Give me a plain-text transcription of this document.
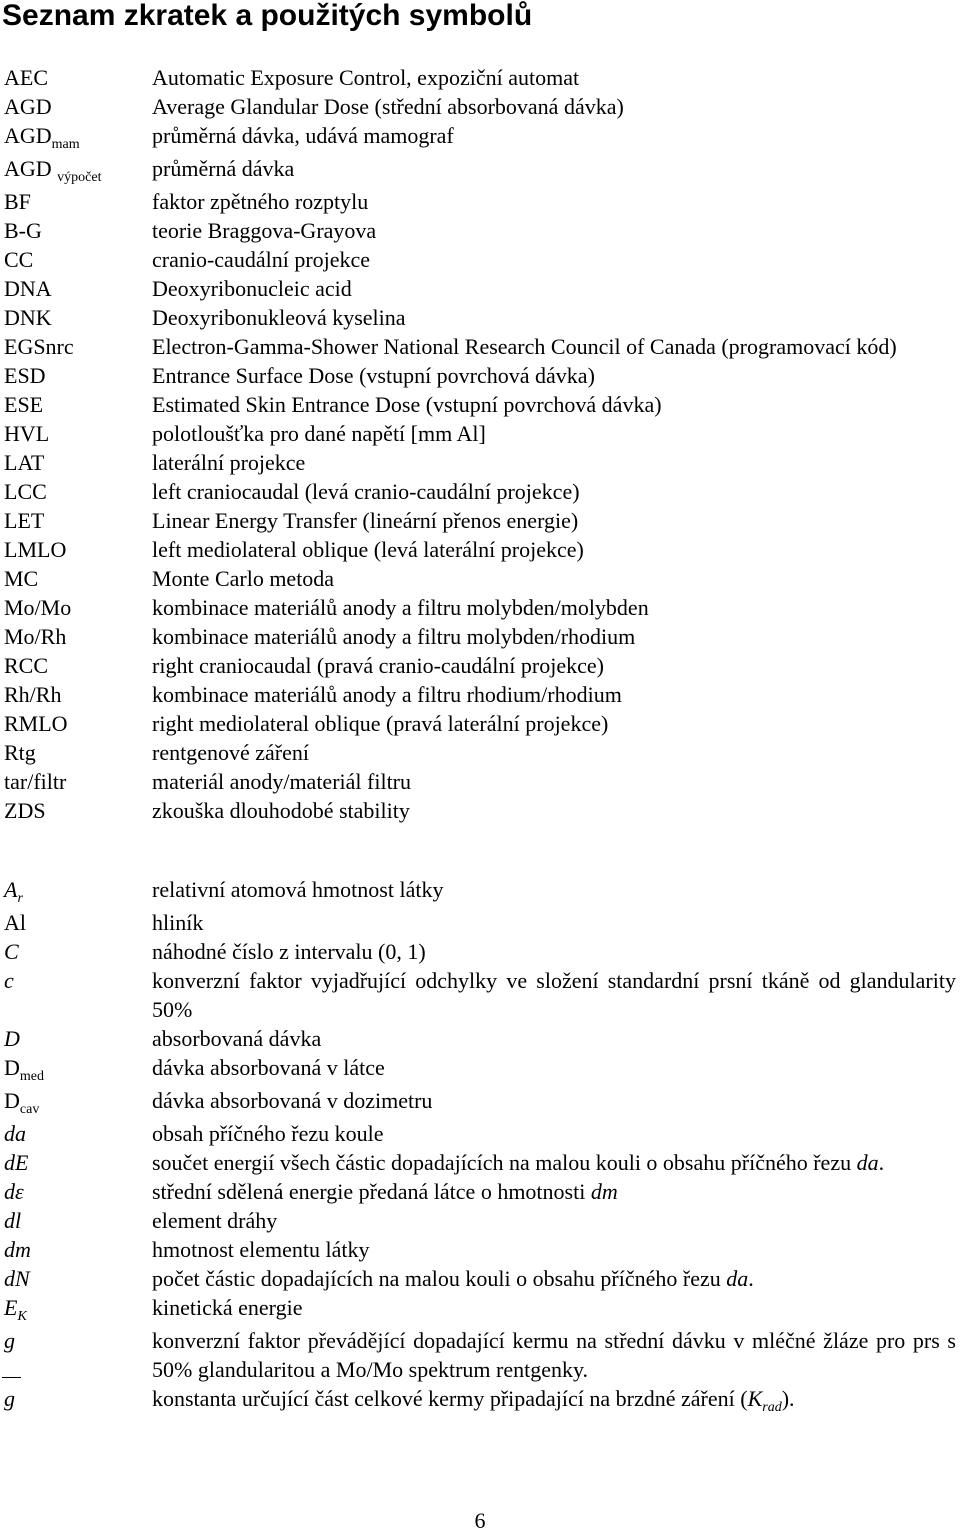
Seznam zkratek a použitých symbolů
AEC	Automatic Exposure Control, expoziční automat
AGD	Average Glandular Dose (střední absorbovaná dávka)
$AGD_{mam}$	průměrná dávka, udává mamograf
AGD $_{výpočet}$	průměrná dávka
BF	faktor zpětného rozptylu
B-G	teorie Braggova-Grayova
CC	cranio-caudální projekce
DNA	Deoxyribonucleic acid
DNK	Deoxyribonukleová kyselina
EGSnrc	Electron-Gamma-Shower National Research Council of Canada (programovací kód)
ESD	Entrance Surface Dose (vstupní povrchová dávka)
ESE	Estimated Skin Entrance Dose (vstupní povrchová dávka)
HVL	polotloušťka pro dané napětí [mm Al]
LAT	laterální projekce
LCC	left craniocaudal (levá cranio-caudální projekce)
LET	Linear Energy Transfer (lineární přenos energie)
LMLO	left mediolateral oblique (levá laterální projekce)
MC	Monte Carlo metoda
Mo/Mo	kombinace materiálů anody a filtru molybden/molybden
Mo/Rh	kombinace materiálů anody a filtru molybden/rhodium
RCC	right craniocaudal (pravá cranio-caudální projekce)
Rh/Rh	kombinace materiálů anody a filtru rhodium/rhodium
RMLO	right mediolateral oblique (pravá laterální projekce)
Rtg	rentgenové záření
tar/filtr	materiál anody/materiál filtru
ZDS	zkouška dlouhodobé stability
$A_r$	relativní atomová hmotnost látky
Al	hliník
C	náhodné číslo z intervalu (0, 1)
c	konverzní faktor vyjadřující odchylky ve složení standardní prsní tkáně od glandularity 50%
D	absorbovaná dávka
$D_{med}$	dávka absorbovaná v látce
$D_{cav}$	dávka absorbovaná v dozimetru
da	obsah příčného řezu koule
dE	součet energií všech částic dopadajících na malou kouli o obsahu příčného řezu da.
dε	střední sdělená energie předaná látce o hmotnosti dm
dl	element dráhy
dm	hmotnost elementu látky
dN	počet částic dopadajících na malou kouli o obsahu příčného řezu da.
$E_K$	kinetická energie
g	konverzní faktor převádějící dopadající kermu na střední dávku v mléčné žláze pro prs s 50% glandularitou a Mo/Mo spektrum rentgenky.
g	konstanta určující část celkové kermy připadající na brzdné záření $(K_{rad})$.
6
